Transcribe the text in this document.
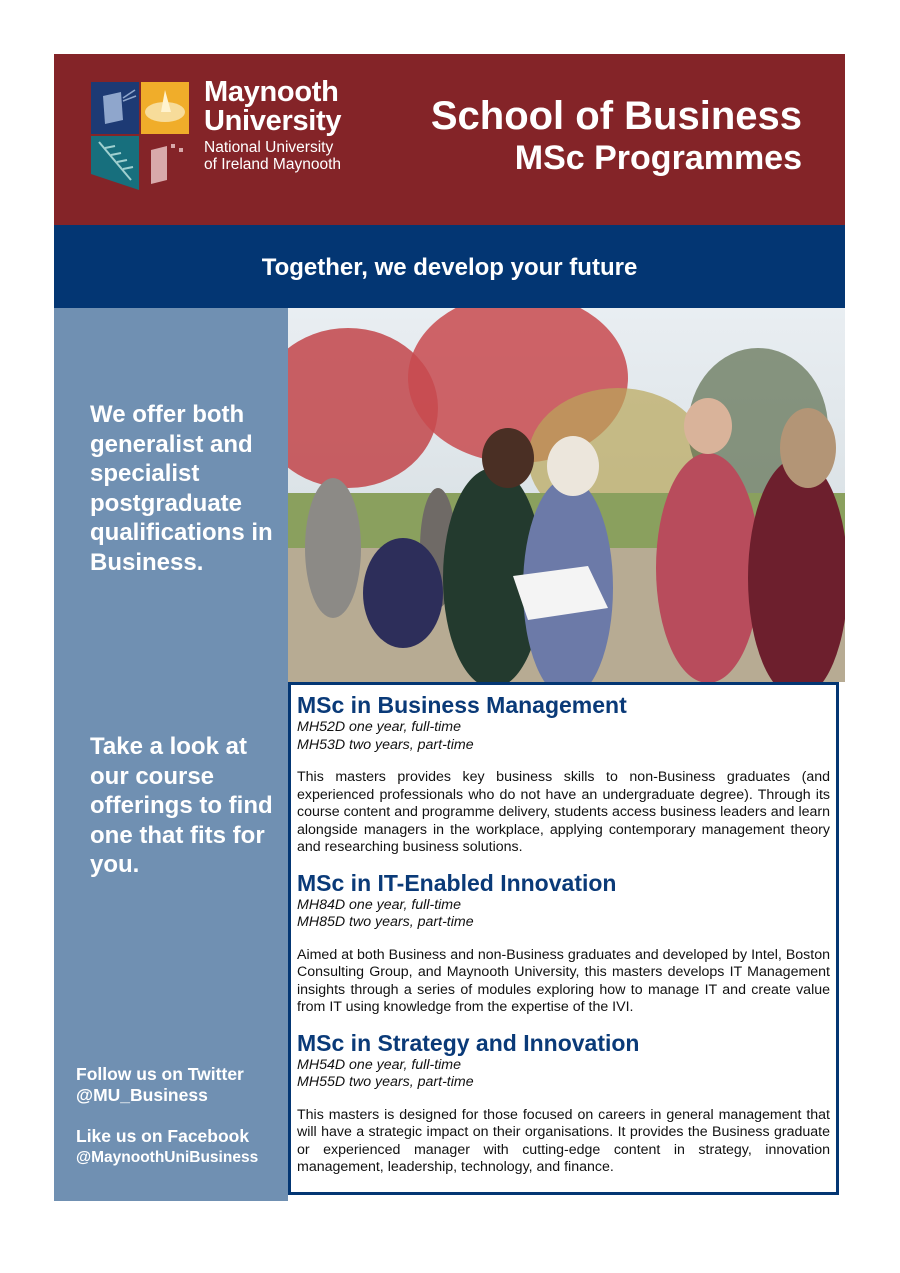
Maynooth
University
National University
of Ireland Maynooth
School of Business
MSc Programmes
Together, we develop your future
We offer both generalist and specialist postgraduate qualifications in Business.
Take a look at our course offerings to find one that fits for you.
Follow us on Twitter
@MU_Business
Like us on Facebook
@MaynoothUniBusiness
MSc in Business Management
MH52D one year, full-time
MH53D two years, part-time
This masters provides key business skills to non-Business graduates (and experienced professionals who do not have an undergraduate degree). Through its course content and programme delivery, students access business leaders and learn alongside managers in the workplace, applying contemporary management theory and researching business solutions.
MSc in IT-Enabled Innovation
MH84D one year, full-time
MH85D two years, part-time
Aimed at both Business and non-Business graduates and developed by Intel, Boston Consulting Group, and Maynooth University, this masters develops IT Management insights through a series of modules exploring how to manage IT and create value from IT using knowledge from the expertise of the IVI.
MSc in Strategy and Innovation
MH54D one year, full-time
MH55D two years, part-time
This masters is designed for those focused on careers in general management that will have a strategic impact on their organisations. It provides the Business graduate or experienced manager with cutting-edge content in strategy, innovation management, leadership, technology, and finance.
